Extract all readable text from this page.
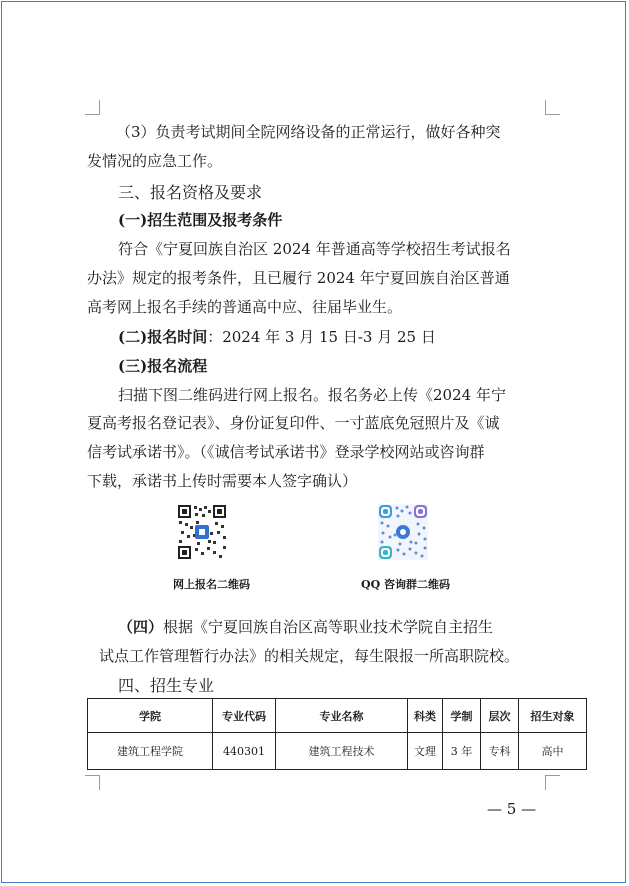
（3）负责考试期间全院网络设备的正常运行，做好各种突
发情况的应急工作。
三、报名资格及要求
(一)招生范围及报考条件
符合《宁夏回族自治区 2024 年普通高等学校招生考试报名
办法》规定的报考条件，且已履行 2024 年宁夏回族自治区普通
高考网上报名手续的普通高中应、往届毕业生。
(二)报名时间：2024 年 3 月 15 日-3 月 25 日
(三)报名流程
扫描下图二维码进行网上报名。报名务必上传《2024 年宁
夏高考报名登记表》、身份证复印件、一寸蓝底免冠照片及《诚
信考试承诺书》。（《诚信考试承诺书》登录学校网站或咨询群
下载，承诺书上传时需要本人签字确认）
网上报名二维码	QQ 咨询群二维码
（四）根据《宁夏回族自治区高等职业技术学院自主招生
试点工作管理暂行办法》的相关规定，每生限报一所高职院校。
四、招生专业
学院	专业代码	专业名称	科类	学制	层次	招生对象
建筑工程学院	440301	建筑工程技术	文理	3 年	专科	高中
— 5 —
